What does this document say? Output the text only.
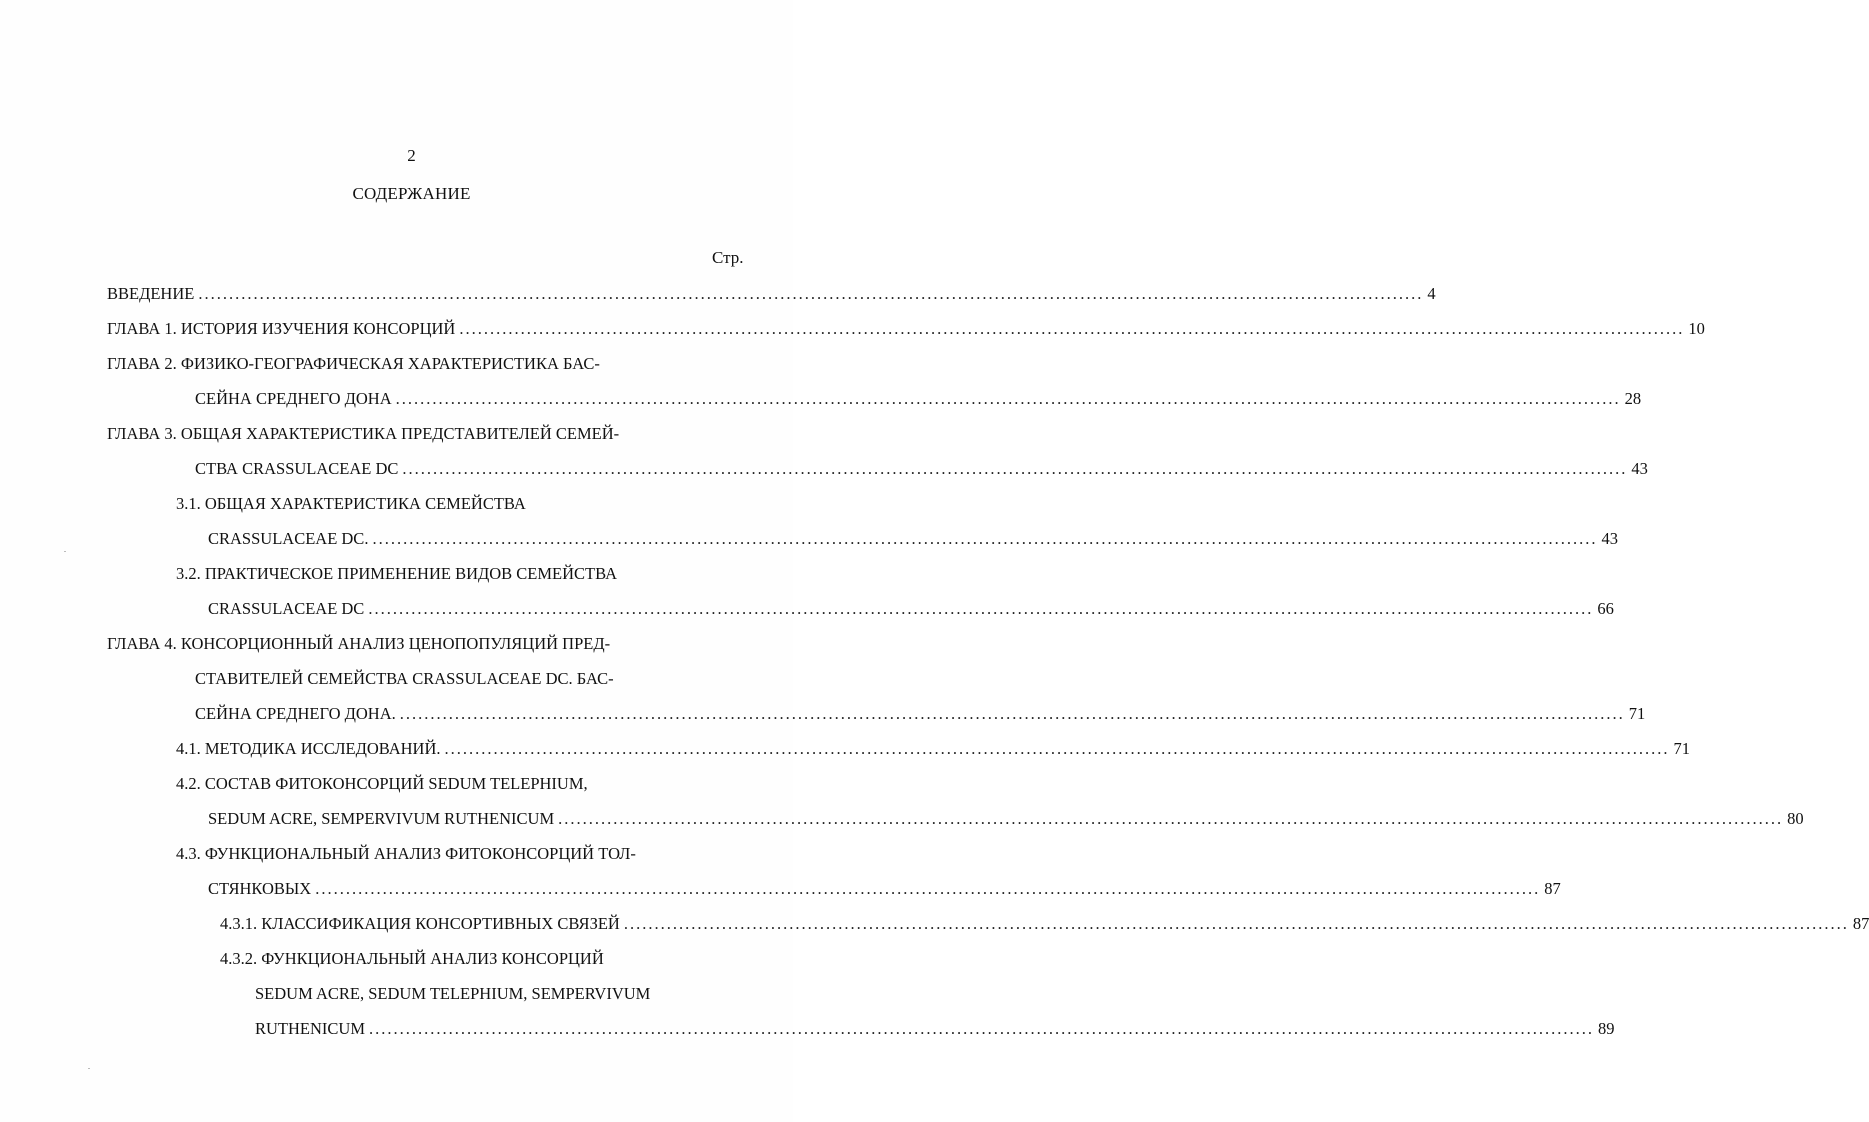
2
СОДЕРЖАНИЕ
Стр.
ВВЕДЕНИЕ ........................................................................................................................................................................................................ 4
ГЛАВА 1. ИСТОРИЯ ИЗУЧЕНИЯ КОНСОРЦИЙ ........................................................................................................................................................................................................ 10
ГЛАВА 2. ФИЗИКО-ГЕОГРАФИЧЕСКАЯ ХАРАКТЕРИСТИКА БАС-
СЕЙНА СРЕДНЕГО ДОНА ........................................................................................................................................................................................................ 28
ГЛАВА 3. ОБЩАЯ ХАРАКТЕРИСТИКА ПРЕДСТАВИТЕЛЕЙ СЕМЕЙ-
СТВА CRASSULACEAE DC ........................................................................................................................................................................................................ 43
3.1. ОБЩАЯ ХАРАКТЕРИСТИКА СЕМЕЙСТВА
CRASSULACEAE DC. ........................................................................................................................................................................................................ 43
3.2. ПРАКТИЧЕСКОЕ ПРИМЕНЕНИЕ ВИДОВ СЕМЕЙСТВА
CRASSULACEAE DC ........................................................................................................................................................................................................ 66
ГЛАВА 4. КОНСОРЦИОННЫЙ АНАЛИЗ ЦЕНОПОПУЛЯЦИЙ ПРЕД-
СТАВИТЕЛЕЙ СЕМЕЙСТВА CRASSULACEAE DC. БАС-
СЕЙНА СРЕДНЕГО ДОНА. ........................................................................................................................................................................................................ 71
4.1. МЕТОДИКА ИССЛЕДОВАНИЙ. ........................................................................................................................................................................................................ 71
4.2. СОСТАВ ФИТОКОНСОРЦИЙ SEDUM TELEPHIUM,
SEDUM ACRE, SEMPERVIVUM RUTHENICUM ........................................................................................................................................................................................................ 80
4.3. ФУНКЦИОНАЛЬНЫЙ АНАЛИЗ ФИТОКОНСОРЦИЙ ТОЛ-
СТЯНКОВЫХ ........................................................................................................................................................................................................ 87
4.3.1. КЛАССИФИКАЦИЯ КОНСОРТИВНЫХ СВЯЗЕЙ ........................................................................................................................................................................................................ 87
4.3.2. ФУНКЦИОНАЛЬНЫЙ АНАЛИЗ КОНСОРЦИЙ
SEDUM ACRE, SEDUM TELEPHIUM, SEMPERVIVUM
RUTHENICUM ........................................................................................................................................................................................................ 89
